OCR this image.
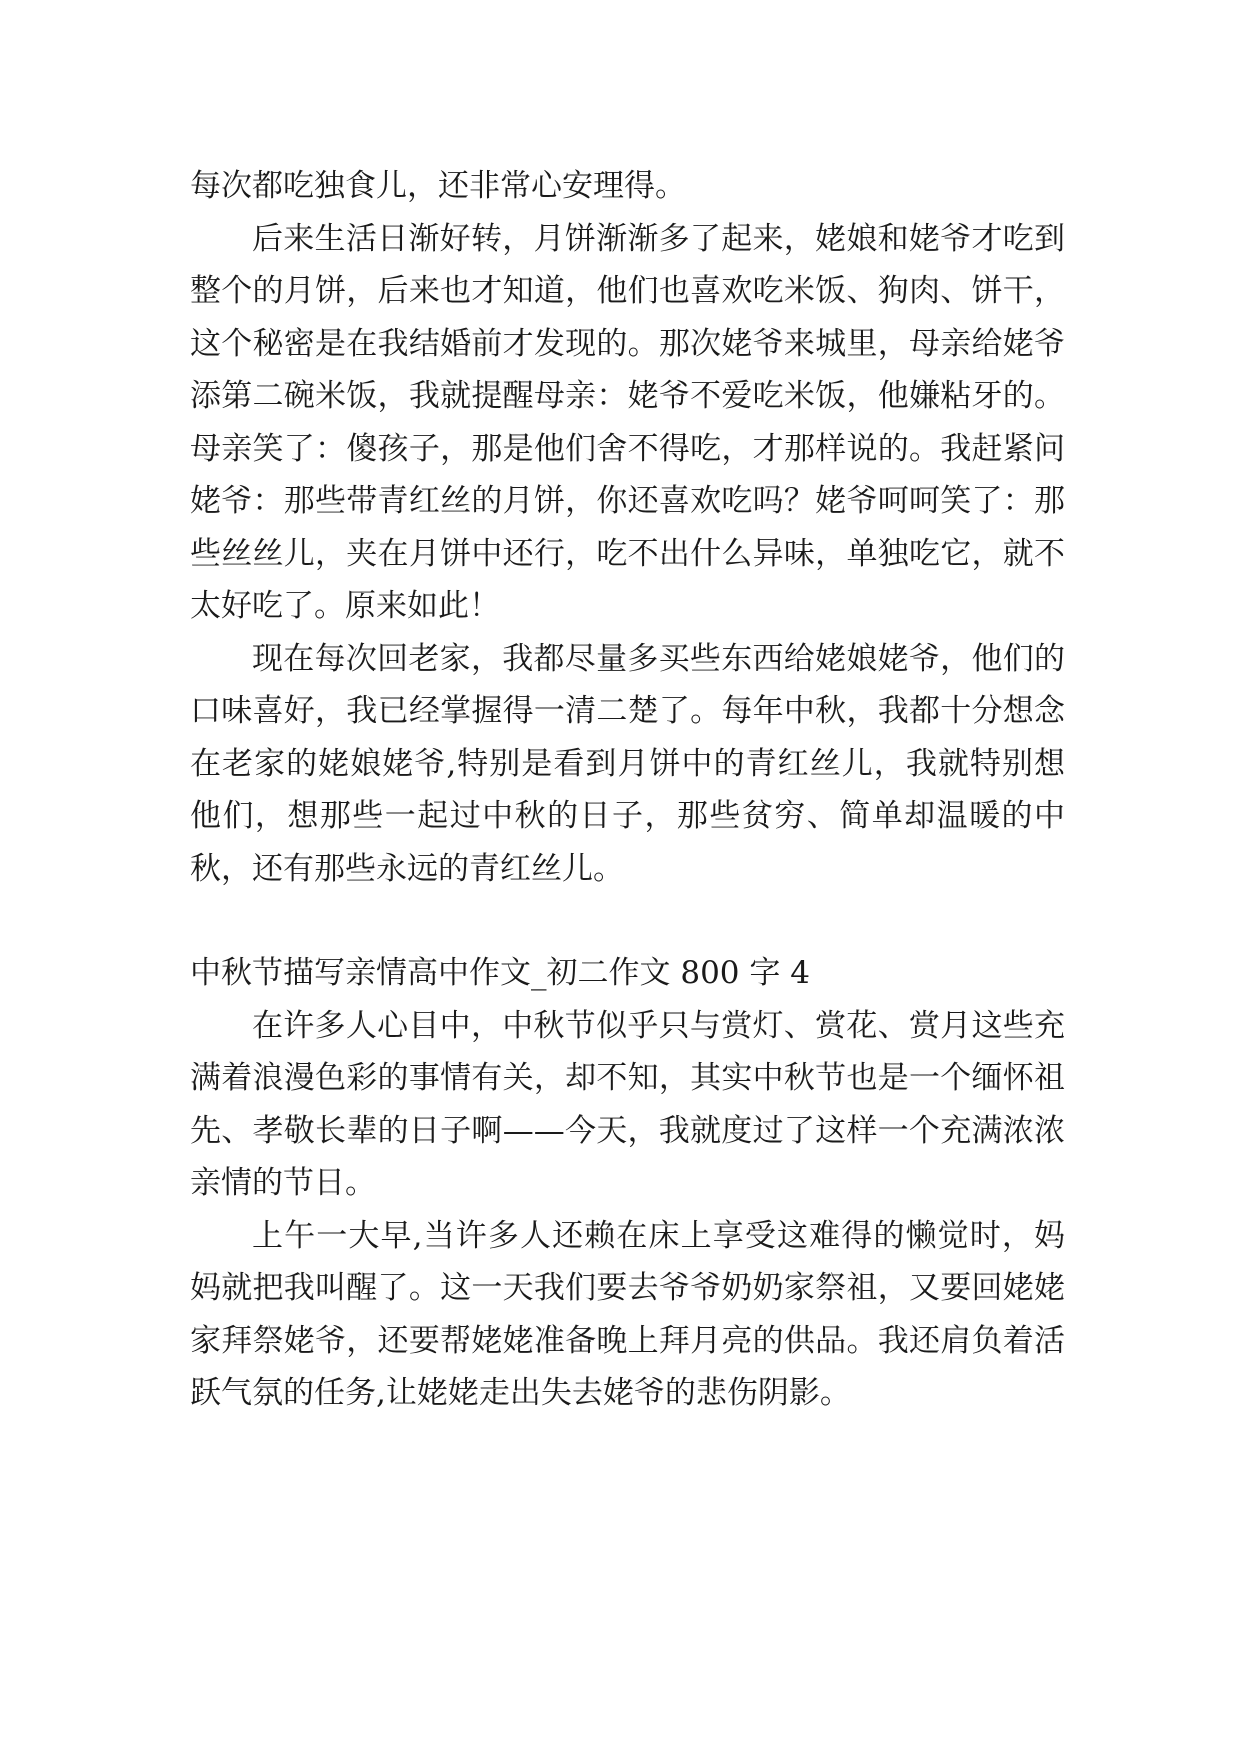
每次都吃独食儿，还非常心安理得。

后来生活日渐好转，月饼渐渐多了起来，姥娘和姥爷才吃到整个的月饼，后来也才知道，他们也喜欢吃米饭、狗肉、饼干，这个秘密是在我结婚前才发现的。那次姥爷来城里，母亲给姥爷添第二碗米饭，我就提醒母亲：姥爷不爱吃米饭，他嫌粘牙的。母亲笑了：傻孩子，那是他们舍不得吃，才那样说的。我赶紧问姥爷：那些带青红丝的月饼，你还喜欢吃吗？姥爷呵呵笑了：那些丝丝儿，夹在月饼中还行，吃不出什么异味，单独吃它，就不太好吃了。原来如此！

现在每次回老家，我都尽量多买些东西给姥娘姥爷，他们的口味喜好，我已经掌握得一清二楚了。每年中秋，我都十分想念在老家的姥娘姥爷,特别是看到月饼中的青红丝儿，我就特别想他们，想那些一起过中秋的日子，那些贫穷、简单却温暖的中秋，还有那些永远的青红丝儿。

中秋节描写亲情高中作文_初二作文 800 字 4

在许多人心目中，中秋节似乎只与赏灯、赏花、赏月这些充满着浪漫色彩的事情有关，却不知，其实中秋节也是一个缅怀祖先、孝敬长辈的日子啊——今天，我就度过了这样一个充满浓浓亲情的节日。

上午一大早,当许多人还赖在床上享受这难得的懒觉时，妈妈就把我叫醒了。这一天我们要去爷爷奶奶家祭祖，又要回姥姥家拜祭姥爷，还要帮姥姥准备晚上拜月亮的供品。我还肩负着活跃气氛的任务,让姥姥走出失去姥爷的悲伤阴影。
